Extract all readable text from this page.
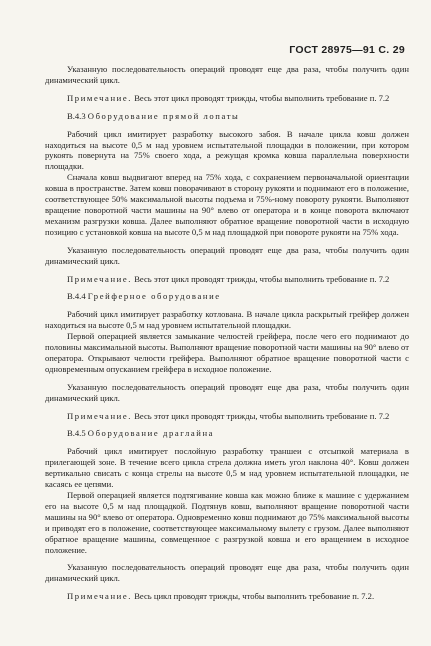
ГОСТ 28975—91 С. 29

Указанную последовательность операций проводят еще два раза, чтобы получить один динамический цикл.

Примечание. Весь этот цикл проводят трижды, чтобы выполнить требование п. 7.2

В.4.3 Оборудование прямой лопаты

Рабочий цикл имитирует разработку высокого забоя. В начале цикла ковш должен находиться на высоте 0,5 м над уровнем испытательной площадки в положении, при котором рукоять повернута на 75% своего хода, а режущая кромка ковша параллельна поверхности площадки.

Сначала ковш выдвигают вперед на 75% хода, с сохранением первоначальной ориентации ковша в пространстве. Затем ковш поворачивают в сторону рукояти и поднимают его в положение, соответствующее 50% максимальной высоты подъема и 75%-ному повороту рукояти. Выполняют вращение поворотной части машины на 90° влево от оператора и в конце поворота включают механизм разгрузки ковша. Далее выполняют обратное вращение поворотной части в исходную позицию с установкой ковша на высоте 0,5 м над площадкой при повороте рукояти на 75% хода.

Указанную последовательность операций проводят еще два раза, чтобы получить один динамический цикл.

Примечание. Весь этот цикл проводят трижды, чтобы выполнить требование п. 7.2

В.4.4 Грейферное оборудование

Рабочий цикл имитирует разработку котлована. В начале цикла раскрытый грейфер должен находиться на высоте 0,5 м над уровнем испытательной площадки.

Первой операцией является замыкание челюстей грейфера, после чего его поднимают до половины максимальной высоты. Выполняют вращение поворотной части машины на 90° влево от оператора. Открывают челюсти грейфера. Выполняют обратное вращение поворотной части с одновременным опусканием грейфера в исходное положение.

Указанную последовательность операций проводят еще два раза, чтобы получить один динамический цикл.

Примечание. Весь этот цикл проводят трижды, чтобы выполнить требование п. 7.2

В.4.5 Оборудование драглайна

Рабочий цикл имитирует послойную разработку траншеи с отсыпкой материала в прилегающей зоне. В течение всего цикла стрела должна иметь угол наклона 40°. Ковш должен вертикально свисать с конца стрелы на высоте 0,5 м над уровнем испытательной площадки, не касаясь ее цепями.

Первой операцией является подтягивание ковша как можно ближе к машине с удержанием его на высоте 0,5 м над площадкой. Подтянув ковш, выполняют вращение поворотной части машины на 90° влево от оператора. Одновременно ковш поднимают до 75% максимальной высоты и приводят его в положение, соответствующее максимальному вылету с грузом. Далее выполняют обратное вращение машины, совмещенное с разгрузкой ковша и его вращением в исходное положение.

Указанную последовательность операций проводят еще два раза, чтобы получить один динамический цикл.

Примечание. Весь цикл проводят трижды, чтобы выполнить требование п. 7.2.
